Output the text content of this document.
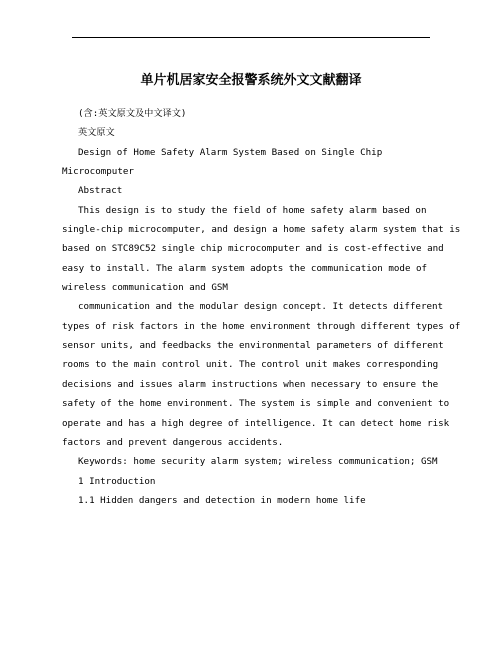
单片机居家安全报警系统外文文献翻译
(含:英文原文及中文译文)
英文原文
Design of Home Safety Alarm System Based on Single Chip
Microcomputer
Abstract
This design is to study the field of home safety alarm based on
single-chip microcomputer, and design a home safety alarm system that is
based on STC89C52 single chip microcomputer and is cost-effective and
easy to install. The alarm system adopts the communication mode of
wireless communication and GSM
communication and the modular design concept. It detects different
types of risk factors in the home environment through different types of
sensor units, and feedbacks the environmental parameters of different
rooms to the main control unit. The control unit makes corresponding
decisions and issues alarm instructions when necessary to ensure the
safety of the home environment. The system is simple and convenient to
operate and has a high degree of intelligence. It can detect home risk
factors and prevent dangerous accidents.
Keywords: home security alarm system; wireless communication; GSM
1 Introduction
1.1 Hidden dangers and detection in modern home life
